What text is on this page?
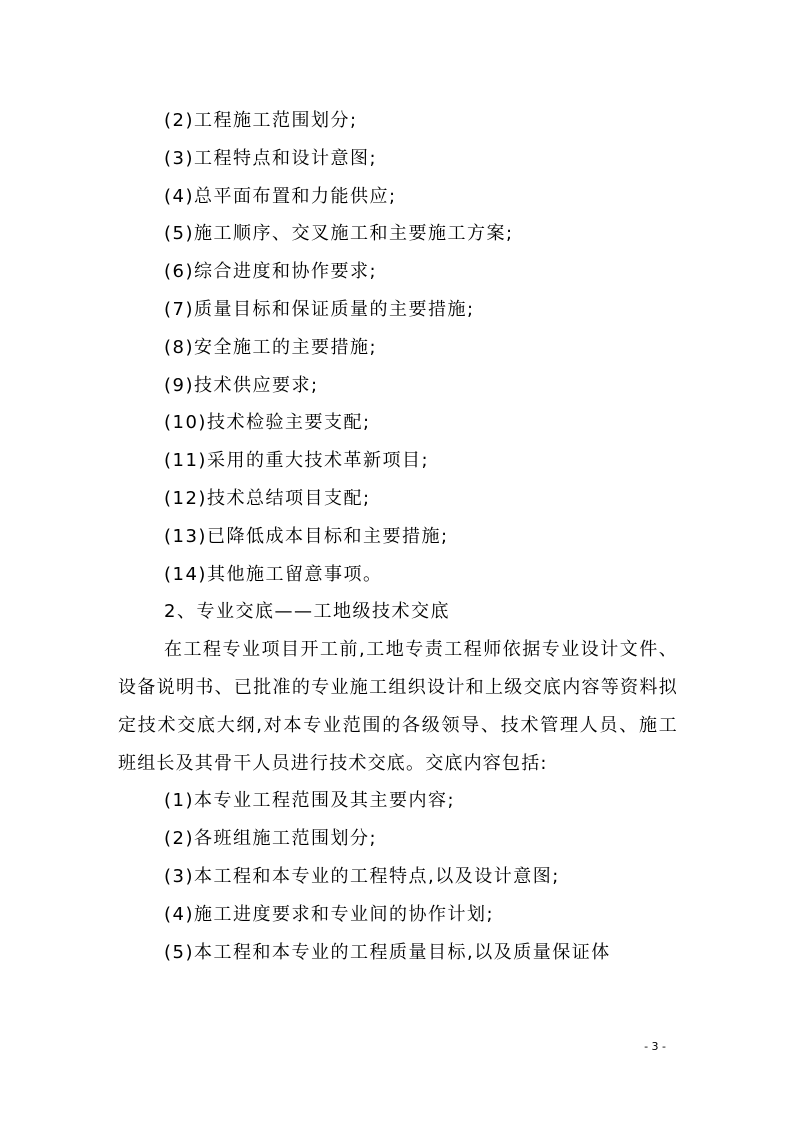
(2)工程施工范围划分;
(3)工程特点和设计意图;
(4)总平面布置和力能供应;
(5)施工顺序、交叉施工和主要施工方案;
(6)综合进度和协作要求;
(7)质量目标和保证质量的主要措施;
(8)安全施工的主要措施;
(9)技术供应要求;
(10)技术检验主要支配;
(11)采用的重大技术革新项目;
(12)技术总结项目支配;
(13)已降低成本目标和主要措施;
(14)其他施工留意事项。
2、专业交底——工地级技术交底

在工程专业项目开工前,工地专责工程师依据专业设计文件、设备说明书、已批准的专业施工组织设计和上级交底内容等资料拟定技术交底大纲,对本专业范围的各级领导、技术管理人员、施工班组长及其骨干人员进行技术交底。交底内容包括:

(1)本专业工程范围及其主要内容;
(2)各班组施工范围划分;
(3)本工程和本专业的工程特点,以及设计意图;
(4)施工进度要求和专业间的协作计划;
(5)本工程和本专业的工程质量目标,以及质量保证体
- 3 -
